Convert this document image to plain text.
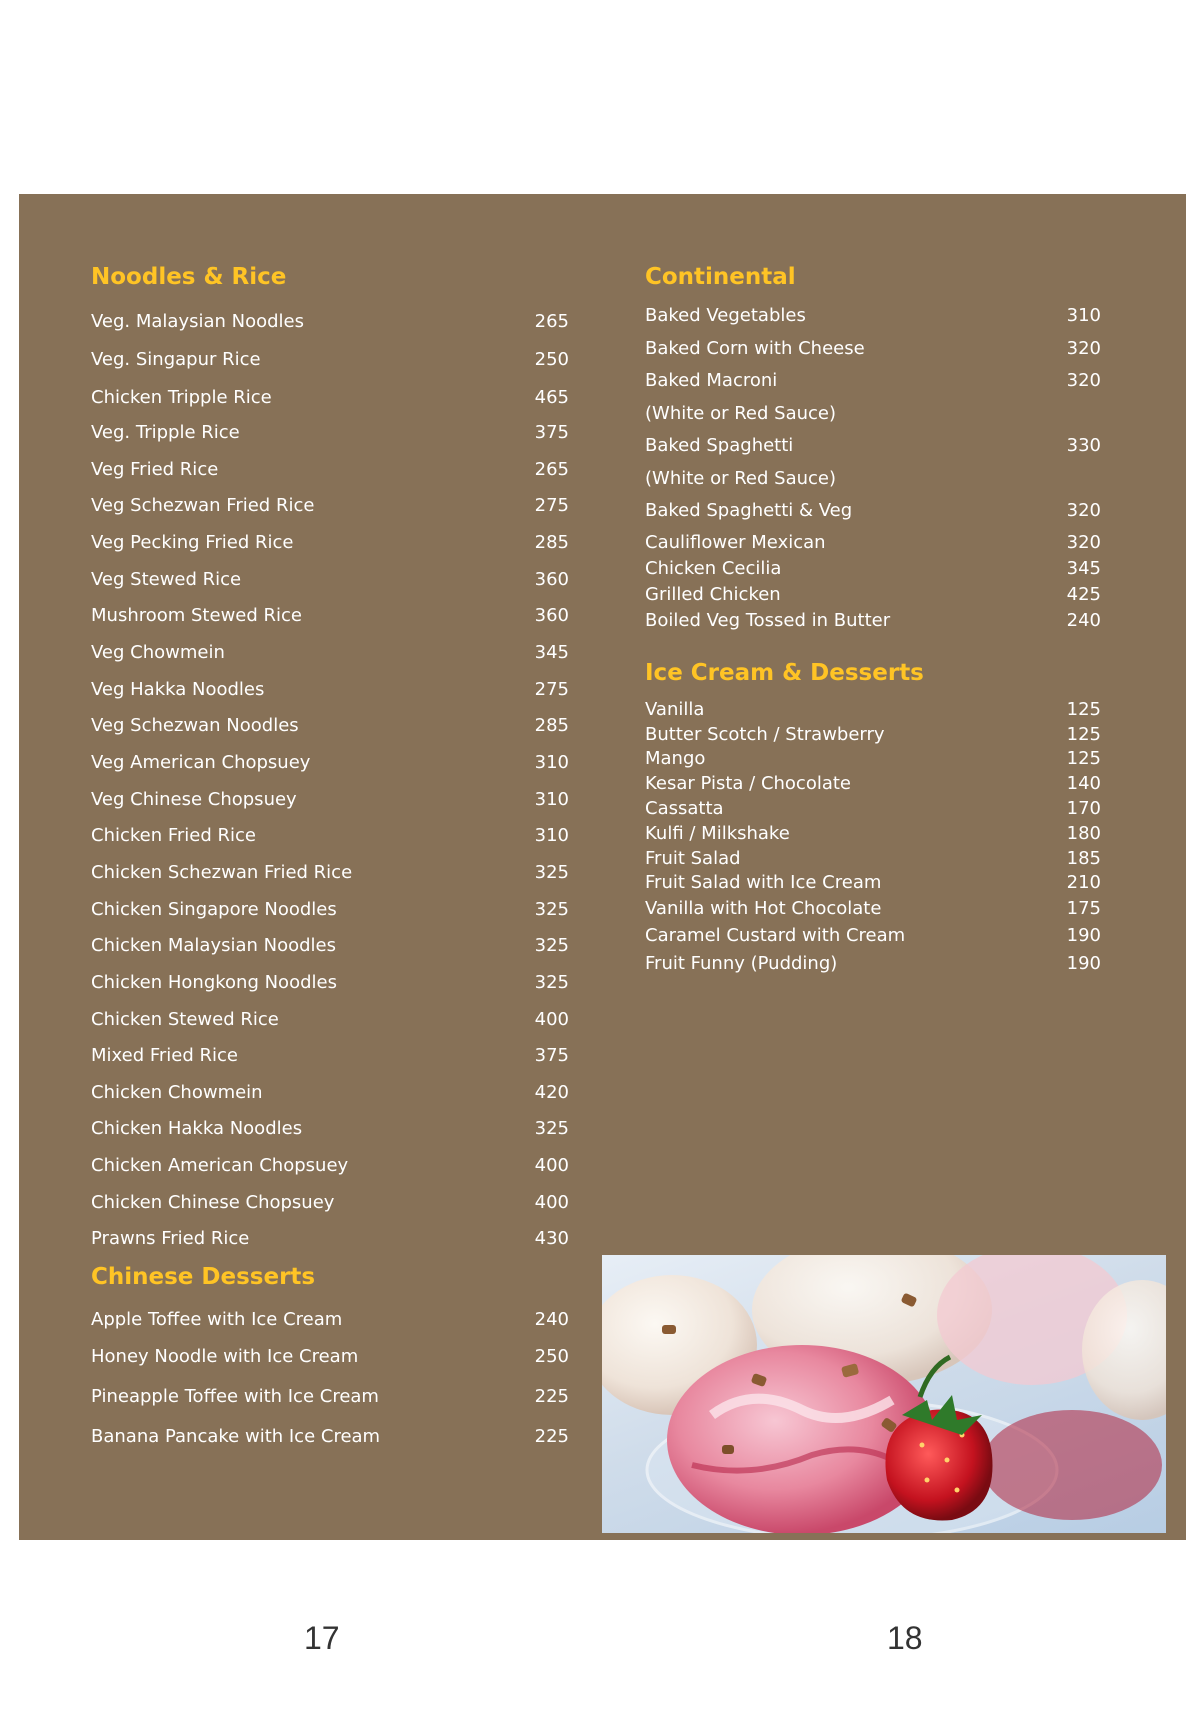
Noodles & Rice
Veg. Malaysian Noodles	265
Veg. Singapur Rice	250
Chicken Tripple Rice	465
Veg. Tripple Rice	375
Veg Fried Rice	265
Veg Schezwan Fried Rice	275
Veg Pecking Fried Rice	285
Veg Stewed Rice	360
Mushroom Stewed Rice	360
Veg Chowmein	345
Veg Hakka Noodles	275
Veg Schezwan Noodles	285
Veg American Chopsuey	310
Veg Chinese Chopsuey	310
Chicken Fried Rice	310
Chicken Schezwan Fried Rice	325
Chicken Singapore Noodles	325
Chicken Malaysian Noodles	325
Chicken Hongkong Noodles	325
Chicken Stewed Rice	400
Mixed Fried Rice	375
Chicken Chowmein	420
Chicken Hakka Noodles	325
Chicken American Chopsuey	400
Chicken Chinese Chopsuey	400
Prawns Fried Rice	430
Chinese Desserts
Apple Toffee with Ice Cream	240
Honey Noodle with Ice Cream	250
Pineapple Toffee with Ice Cream	225
Banana Pancake with Ice Cream	225
Continental
Baked Vegetables	310
Baked Corn with Cheese	320
Baked Macroni	320
(White or Red Sauce)
Baked Spaghetti	330
(White or Red Sauce)
Baked Spaghetti & Veg	320
Cauliflower Mexican	320
Chicken Cecilia	345
Grilled Chicken	425
Boiled Veg Tossed in Butter	240
Ice Cream & Desserts
Vanilla	125
Butter Scotch / Strawberry	125
Mango	125
Kesar Pista / Chocolate	140
Cassatta	170
Kulfi / Milkshake	180
Fruit Salad	185
Fruit Salad with Ice Cream	210
Vanilla with Hot Chocolate	175
Caramel Custard with Cream	190
Fruit Funny (Pudding)	190
17	18
